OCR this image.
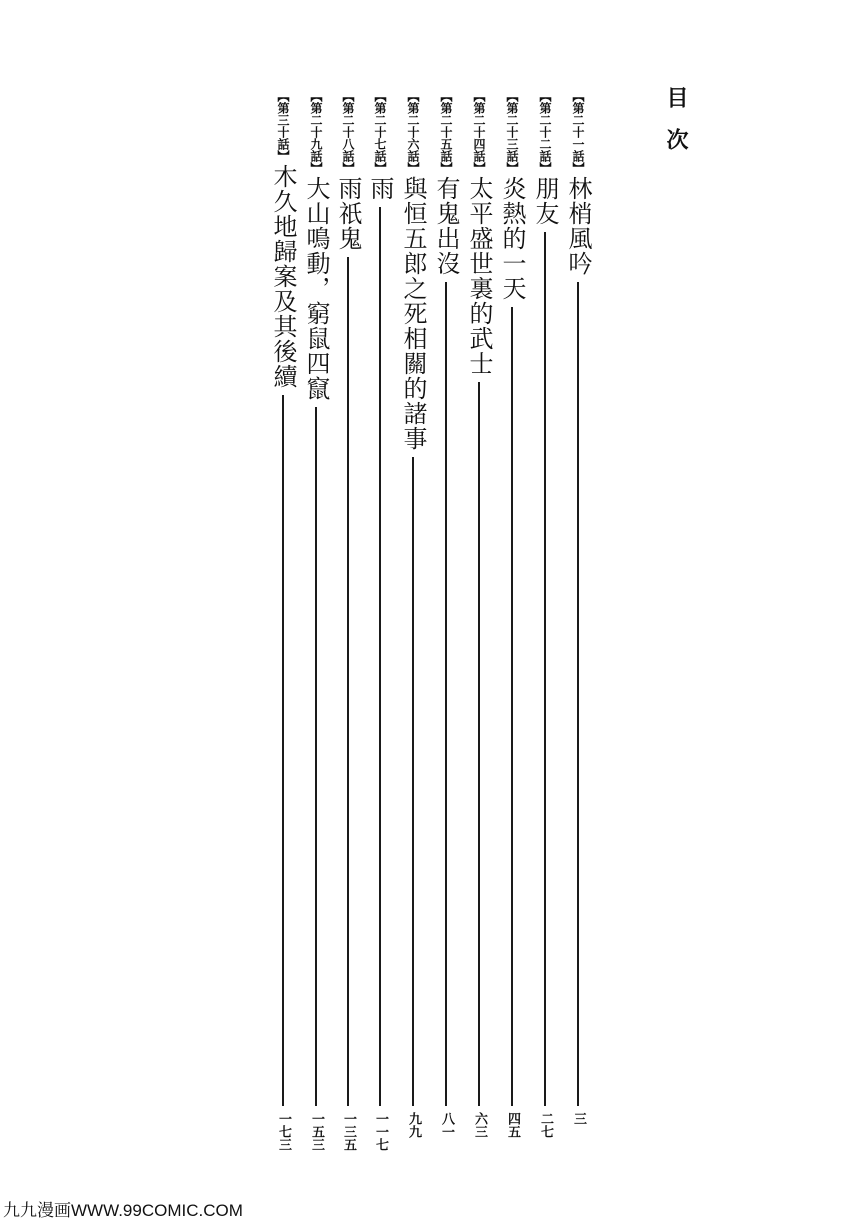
目次
【第二十一話】
林梢風吟
三
【第二十二話】
朋友
二七
【第二十三話】
炎熱的一天
四五
【第二十四話】
太平盛世裏的武士
六三
【第二十五話】
有鬼出沒
八一
【第二十六話】
與恒五郎之死相關的諸事
九九
【第二十七話】
雨
一一七
【第二十八話】
雨祇鬼
一三五
【第二十九話】
大山鳴動，窮鼠四竄
一五三
【第三十話】
木久地歸案及其後續
一七三
九九漫画WWW.99COMIC.COM
